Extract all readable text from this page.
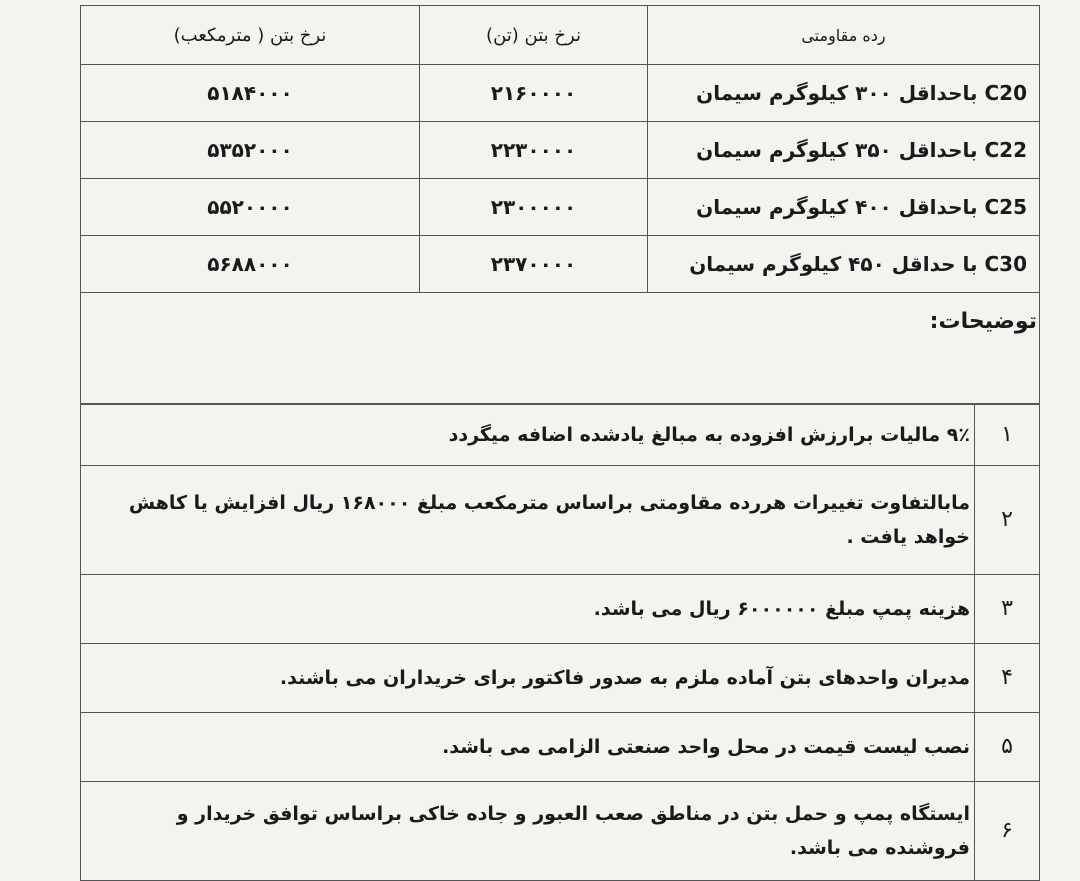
رده مقاومتی	نرخ بتن (تن)	نرخ بتن ( مترمکعب)
C20 باحداقل ۳۰۰ کیلوگرم سیمان	۲۱۶۰۰۰۰	۵۱۸۴۰۰۰
C22 باحداقل ۳۵۰ کیلوگرم سیمان	۲۲۳۰۰۰۰	۵۳۵۲۰۰۰
C25 باحداقل ۴۰۰ کیلوگرم سیمان	۲۳۰۰۰۰۰	۵۵۲۰۰۰۰
C30 با حداقل ۴۵۰ کیلوگرم سیمان	۲۳۷۰۰۰۰	۵۶۸۸۰۰۰
توضیحات:
۱	۹٪ مالیات برارزش افزوده به مبالغ یادشده اضافه میگردد
۲	مابالتفاوت تغییرات هررده مقاومتی براساس مترمکعب مبلغ ۱۶۸۰۰۰ ریال افزایش یا کاهش خواهد یافت .
۳	هزینه پمپ مبلغ ۶۰۰۰۰۰۰ ریال می باشد.
۴	مدیران واحدهای بتن آماده ملزم به صدور فاکتور برای خریداران می باشند.
۵	نصب لیست قیمت در محل واحد صنعتی الزامی می باشد.
۶	ایستگاه پمپ و حمل بتن در مناطق صعب العبور و جاده خاکی براساس توافق خریدار و فروشنده می باشد.
